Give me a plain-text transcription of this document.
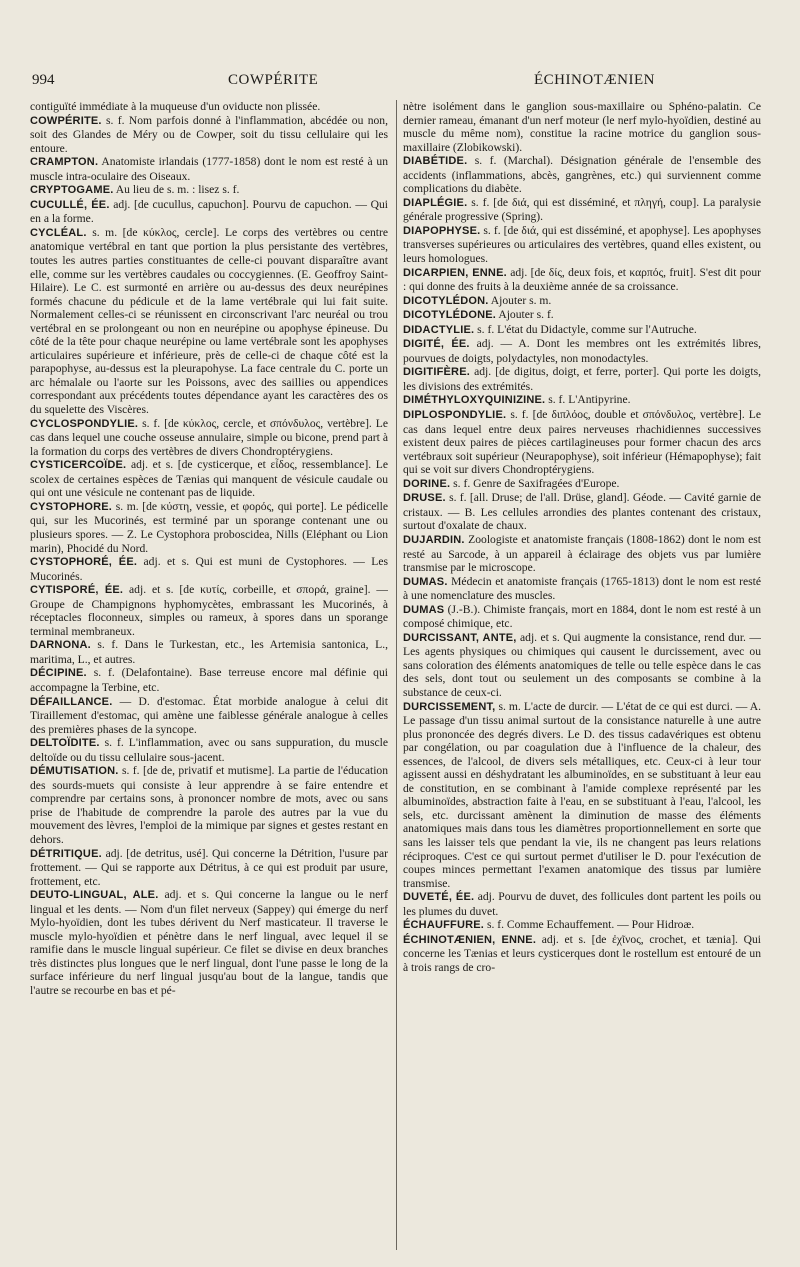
994	COWPÉRITE	ÉCHINOTÆNIEN

contiguïté immédiate à la muqueuse d'un oviducte non plissée.

COWPÉRITE. s. f. Nom parfois donné à l'inflammation, abcédée ou non, soit des Glandes de Méry ou de Cowper, soit du tissu cellulaire qui les entoure.

CRAMPTON. Anatomiste irlandais (1777-1858) dont le nom est resté à un muscle intra-oculaire des Oiseaux.

CRYPTOGAME. Au lieu de s. m. : lisez s. f.

CUCULLÉ, ÉE. adj. [de cucullus, capuchon]. Pourvu de capuchon. — Qui en a la forme.

CYCLÉAL. s. m. [de κύκλος, cercle]. Le corps des vertèbres ou centre anatomique vertébral en tant que portion la plus persistante des vertèbres, toutes les autres parties constituantes de celle-ci pouvant disparaître avant elle, comme sur les vertèbres caudales ou coccygiennes. (E. Geoffroy Saint-Hilaire). Le C. est surmonté en arrière ou au-dessus des deux neurépines formés chacune du pédicule et de la lame vertébrale qui lui fait suite. Normalement celles-ci se réunissent en circonscrivant l'arc neuréal ou trou vertébral en se prolongeant ou non en neurépine ou apophyse épineuse. Du côté de la tête pour chaque neurépine ou lame vertébrale sont les apophyses articulaires supérieure et inférieure, près de celle-ci de chaque côté est la parapophyse, au-dessus est la pleurapohyse. La face centrale du C. porte un arc hémalale ou l'aorte sur les Poissons, avec des saillies ou appendices correspondant aux précédents toutes dépendance ayant les caractères des os du squelette des Viscères.

CYCLOSPONDYLIE. s. f. [de κύκλος, cercle, et σπόνδυλος, vertèbre]. Le cas dans lequel une couche osseuse annulaire, simple ou bicone, prend part à la formation du corps des vertèbres de divers Chondroptérygiens.

CYSTICERCOÏDE. adj. et s. [de cysticerque, et εἶδος, ressemblance]. Le scolex de certaines espèces de Tænias qui manquent de vésicule caudale ou qui ont une vésicule ne contenant pas de liquide.

CYSTOPHORE. s. m. [de κύστη, vessie, et φορός, qui porte]. Le pédicelle qui, sur les Mucorinés, est terminé par un sporange contenant une ou plusieurs spores. — Z. Le Cystophora proboscidea, Nills (Eléphant ou Lion marin), Phocidé du Nord.

CYSTOPHORÉ, ÉE. adj. et s. Qui est muni de Cystophores. — Les Mucorinés.

CYTISPORÉ, ÉE. adj. et s. [de κυτίς, corbeille, et σπορά, graine]. — Groupe de Champignons hyphomycètes, embrassant les Mucorinés, à réceptacles floconneux, simples ou rameux, à spores dans un sporange terminal membraneux.

DARNONA. s. f. Dans le Turkestan, etc., les Artemisia santonica, L., maritima, L., et autres.

DÉCIPINE. s. f. (Delafontaine). Base terreuse encore mal définie qui accompagne la Terbine, etc.

DÉFAILLANCE. — D. d'estomac. État morbide analogue à celui dit Tiraillement d'estomac, qui amène une faiblesse générale analogue à celles des premières phases de la syncope.

DELTOÏDITE. s. f. L'inflammation, avec ou sans suppuration, du muscle deltoïde ou du tissu cellulaire sous-jacent.

DÉMUTISATION. s. f. [de de, privatif et mutisme]. La partie de l'éducation des sourds-muets qui consiste à leur apprendre à se faire entendre et comprendre par certains sons, à prononcer nombre de mots, avec ou sans prise de l'habitude de comprendre la parole des autres par la vue du mouvement des lèvres, l'emploi de la mimique par signes et gestes restant en dehors.

DÉTRITIQUE. adj. [de detritus, usé]. Qui concerne la Détrition, l'usure par frottement. — Qui se rapporte aux Détritus, à ce qui est produit par usure, frottement, etc.

DEUTO-LINGUAL, ALE. adj. et s. Qui concerne la langue ou le nerf lingual et les dents. — Nom d'un filet nerveux (Sappey) qui émerge du nerf Mylo-hyoïdien, dont les tubes dérivent du Nerf masticateur. Il traverse le muscle mylo-hyoïdien et pénètre dans le nerf lingual, avec lequel il se ramifie dans le muscle lingual supérieur. Ce filet se divise en deux branches très distinctes plus longues que le nerf lingual, dont l'une passe le long de la surface inférieure du nerf lingual jusqu'au bout de la langue, tandis que l'autre se recourbe en bas et pé-

nètre isolément dans le ganglion sous-maxillaire ou Sphéno-palatin. Ce dernier rameau, émanant d'un nerf moteur (le nerf mylo-hyoïdien, destiné au muscle du même nom), constitue la racine motrice du ganglion sous-maxillaire (Zlobikowski).

DIABÉTIDE. s. f. (Marchal). Désignation générale de l'ensemble des accidents (inflammations, abcès, gangrènes, etc.) qui surviennent comme complications du diabète.

DIAPLÉGIE. s. f. [de διά, qui est disséminé, et πληγή, coup]. La paralysie générale progressive (Spring).

DIAPOPHYSE. s. f. [de διά, qui est disséminé, et apophyse]. Les apophyses transverses supérieures ou articulaires des vertèbres, quand elles existent, ou leurs homologues.

DICARPIEN, ENNE. adj. [de δίς, deux fois, et καρπός, fruit]. S'est dit pour : qui donne des fruits à la deuxième année de sa croissance.

DICOTYLÉDON. Ajouter s. m.

DICOTYLÉDONE. Ajouter s. f.

DIDACTYLIE. s. f. L'état du Didactyle, comme sur l'Autruche.

DIGITÉ, ÉE. adj. — A. Dont les membres ont les extrémités libres, pourvues de doigts, polydactyles, non monodactyles.

DIGITIFÈRE. adj. [de digitus, doigt, et ferre, porter]. Qui porte les doigts, les divisions des extrémités.

DIMÉTHYLOXYQUINIZINE. s. f. L'Antipyrine.

DIPLOSPONDYLIE. s. f. [de διπλόος, double et σπόνδυλος, vertèbre]. Le cas dans lequel entre deux paires nerveuses rhachidiennes successives existent deux paires de pièces cartilagineuses pour former chacun des arcs vertébraux soit supérieur (Neurapophyse), soit inférieur (Hémapophyse); fait qui se voit sur divers Chondroptérygiens.

DORINE. s. f. Genre de Saxifragées d'Europe.

DRUSE. s. f. [all. Druse; de l'all. Drüse, gland]. Géode. — Cavité garnie de cristaux. — B. Les cellules arrondies des plantes contenant des cristaux, surtout d'oxalate de chaux.

DUJARDIN. Zoologiste et anatomiste français (1808-1862) dont le nom est resté au Sarcode, à un appareil à éclairage des objets vus par lumière transmise par le microscope.

DUMAS. Médecin et anatomiste français (1765-1813) dont le nom est resté à une nomenclature des muscles.

DUMAS (J.-B.). Chimiste français, mort en 1884, dont le nom est resté à un composé chimique, etc.

DURCISSANT, ANTE, adj. et s. Qui augmente la consistance, rend dur. — Les agents physiques ou chimiques qui causent le durcissement, avec ou sans coloration des éléments anatomiques de telle ou telle espèce dans le cas des sels, dont tout ou seulement un des composants se combine à la substance de ceux-ci.

DURCISSEMENT, s. m. L'acte de durcir. — L'état de ce qui est durci. — A. Le passage d'un tissu animal surtout de la consistance naturelle à une autre plus prononcée des degrés divers. Le D. des tissus cadavériques est obtenu par congélation, ou par coagulation due à l'influence de la chaleur, des essences, de l'alcool, de divers sels métalliques, etc. Ceux-ci à leur tour agissent aussi en déshydratant les albuminoïdes, en se substituant à leur eau de constitution, en se combinant à l'amide complexe représenté par les albuminoïdes, abstraction faite à l'eau, en se substituant à l'eau, l'alcool, les sels, etc. durcissant amènent la diminution de masse des éléments anatomiques mais dans tous les diamètres proportionnellement en sorte que sans les laisser tels que pendant la vie, ils ne changent pas leurs relations réciproques. C'est ce qui surtout permet d'utiliser le D. pour l'exécution de coupes minces permettant l'examen anatomique des tissus par lumière transmise.

DUVETÉ, ÉE. adj. Pourvu de duvet, des follicules dont partent les poils ou les plumes du duvet.

ÉCHAUFFURE. s. f. Comme Echauffement. — Pour Hidroæ.

ÉCHINOTÆNIEN, ENNE. adj. et s. [de ἐχῖνος, crochet, et tænia]. Qui concerne les Tænias et leurs cysticerques dont le rostellum est entouré de un à trois rangs de cro-
